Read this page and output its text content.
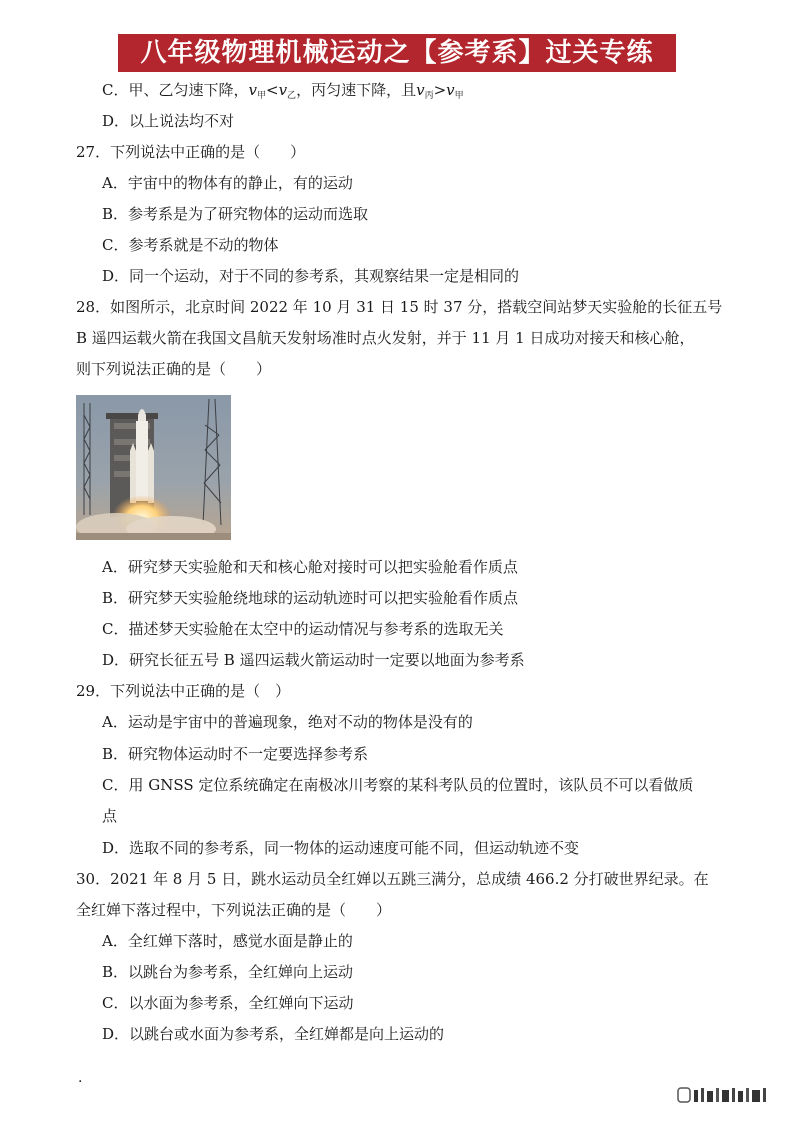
八年级物理机械运动之【参考系】过关专练
C．甲、乙匀速下降，$v_甲<v_乙$，丙匀速下降，且$v_丙>v_甲$
D．以上说法均不对
27．下列说法中正确的是（　　）
A．宇宙中的物体有的静止，有的运动
B．参考系是为了研究物体的运动而选取
C．参考系就是不动的物体
D．同一个运动，对于不同的参考系，其观察结果一定是相同的
28．如图所示，北京时间 2022 年 10 月 31 日 15 时 37 分，搭载空间站梦天实验舱的长征五号
B 遥四运载火箭在我国文昌航天发射场准时点火发射，并于 11 月 1 日成功对接天和核心舱，
则下列说法正确的是（　　）
A．研究梦天实验舱和天和核心舱对接时可以把实验舱看作质点
B．研究梦天实验舱绕地球的运动轨迹时可以把实验舱看作质点
C．描述梦天实验舱在太空中的运动情况与参考系的选取无关
D．研究长征五号 B 遥四运载火箭运动时一定要以地面为参考系
29．下列说法中正确的是（　）
A．运动是宇宙中的普遍现象，绝对不动的物体是没有的
B．研究物体运动时不一定要选择参考系
C．用 GNSS 定位系统确定在南极冰川考察的某科考队员的位置时，该队员不可以看做质
点
D．选取不同的参考系，同一物体的运动速度可能不同，但运动轨迹不变
30．2021 年 8 月 5 日，跳水运动员全红婵以五跳三满分，总成绩 466.2 分打破世界纪录。在
全红婵下落过程中，下列说法正确的是（　　）
A．全红婵下落时，感觉水面是静止的
B．以跳台为参考系，全红婵向上运动
C．以水面为参考系，全红婵向下运动
D．以跳台或水面为参考系，全红婵都是向上运动的
.
